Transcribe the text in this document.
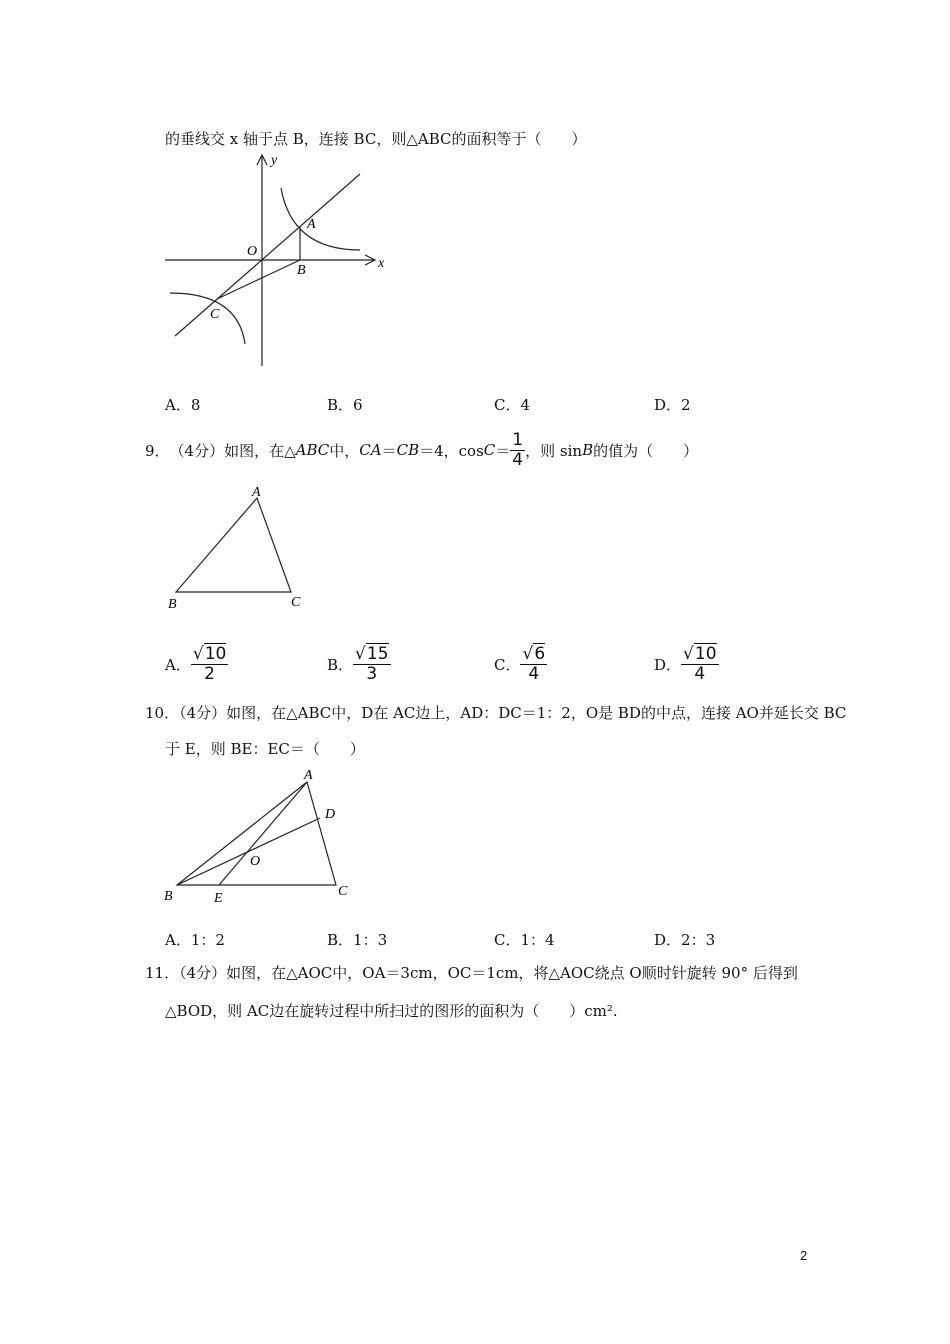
的垂线交 x 轴于点 B，连接 BC，则△ABC的面积等于（　　）
y
x
O
A
B
C
A．8	B．6	C．4	D．2
9． （4分） 如图，在△ ABC 中， CA ＝ CB ＝4，$\cos C = \frac{1}{4}$ ，则 sin B 的值为（　　）
A
B	C
A． $\frac{√10}{2}$	B． $\frac{√15}{3}$	C． $\frac{√6}{4}$	D． $\frac{√10}{4}$
10．（4分）如图，在△ABC中，D在 AC边上，AD：DC＝1：2，O是 BD的中点，连接 AO并延长交 BC
于 E，则 BE：EC＝（　　）
A
D
O
B	E	C
A．1：2	B．1：3	C．1：4	D．2：3
11．（4分）如图，在△AOC中，OA＝3cm，OC＝1cm，将△AOC绕点 O顺时针旋转 90° 后得到
△BOD，则 AC边在旋转过程中所扫过的图形的面积为（　　）cm².
2
